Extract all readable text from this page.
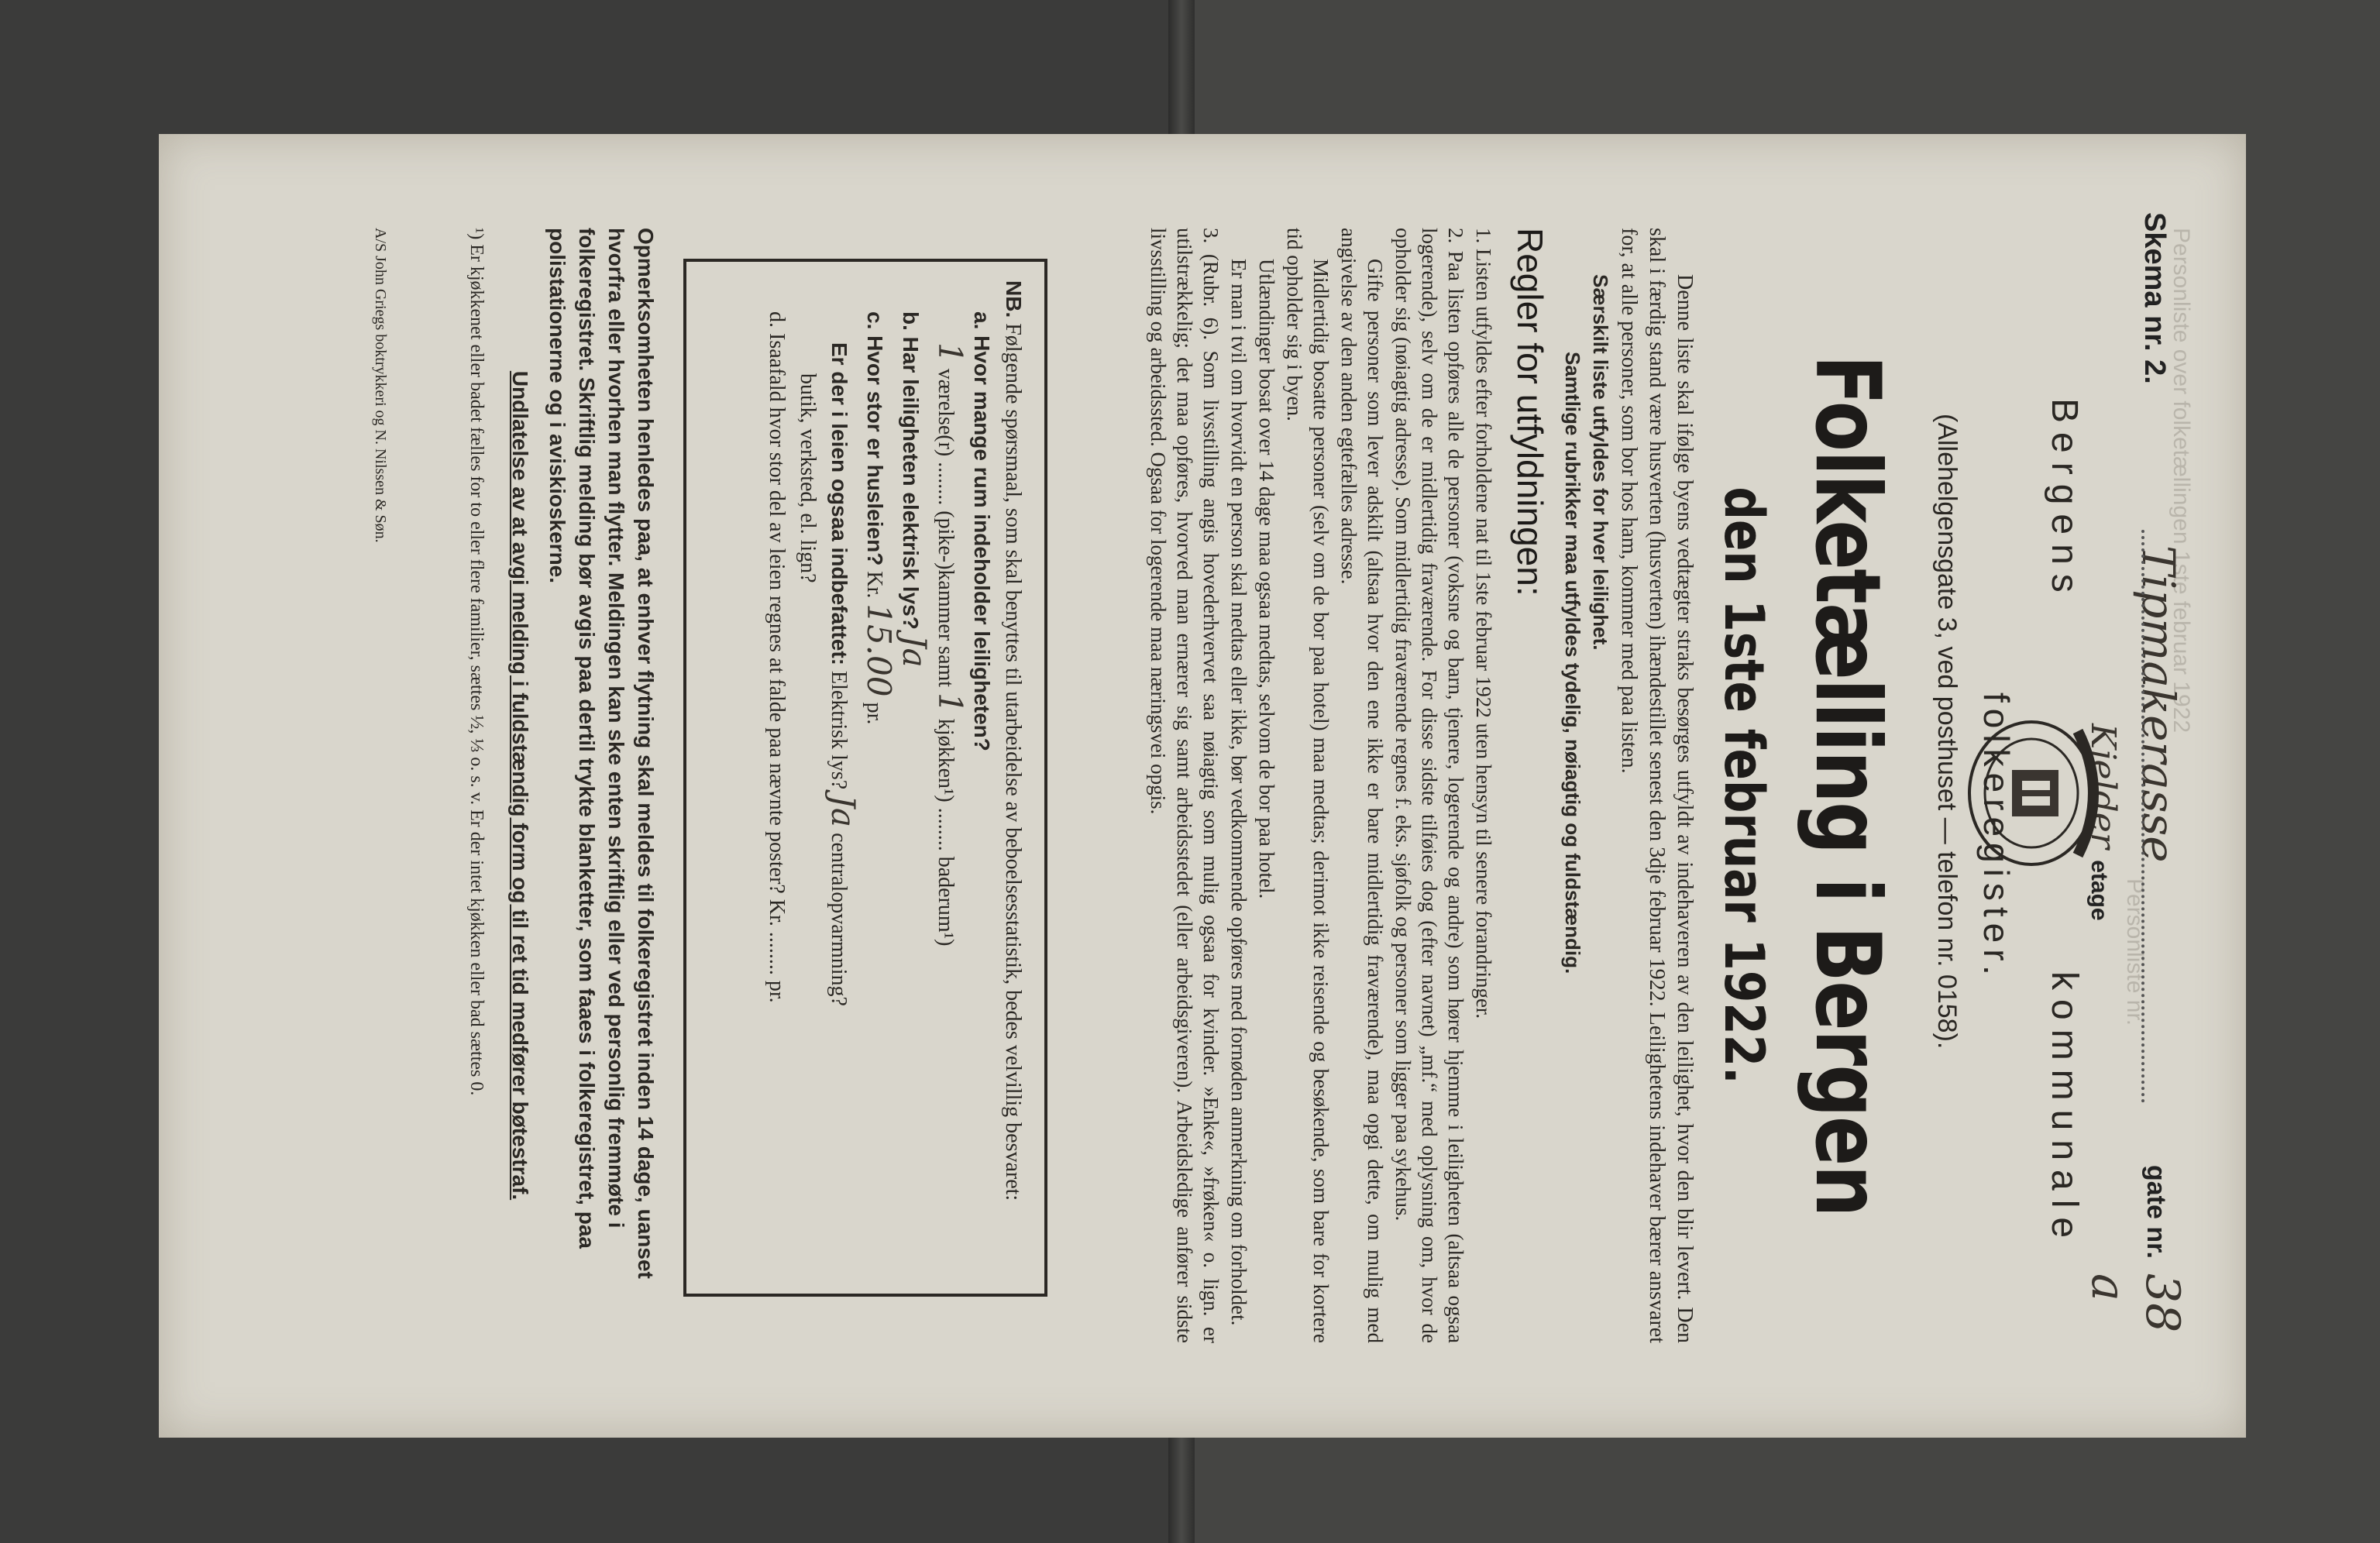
Personliste over folketællingen 1ste februar 1922
Personliste nr.
Skema nr. 2.
Tipmakerasse
gate nr.
38 a
Kjelder etage
Bergens
kommunale
folkeregister.
(Allehelgensgate 3, ved posthuset — telefon nr. 0158).
Folketælling i Bergen
den 1ste februar 1922.

Denne liste skal ifølge byens vedtægter straks besørges utfyldt av indehaveren av den leilighet, hvor den blir levert. Den skal i færdig stand være husverten (husverten) ihændestillet senest den 3dje februar 1922. Leilighetens indehaver bærer ansvaret for, at alle personer, som bor hos ham, kommer med paa listen.

Særskilt liste utfyldes for hver leilighet.

Samtlige rubrikker maa utfyldes tydelig, nøiagtig og fuldstændig.

Regler for utfyldningen:

1. Listen utfyldes efter forholdene nat til 1ste februar 1922 uten hensyn til senere forandringer.

2. Paa listen opføres alle de personer (voksne og barn, tjenere, logerende og andre) som hører hjemme i leiligheten (altsaa ogsaa logerende), selv om de er midlertidig fraværende. For disse sidste tilføies dog (efter navnet) „mf.“ med oplysning om, hvor de opholder sig (nøiagtig adresse). Som midlertidig fraværende regnes f. eks. sjøfolk og personer som ligger paa sykehus.

Gifte personer som lever adskilt (altsaa hvor den ene ikke er bare midlertidig fraværende), maa opgi dette, om mulig med angivelse av den anden egtefælles adresse.

Midlertidig bosatte personer (selv om de bor paa hotel) maa medtas; derimot ikke reisende og besøkende, som bare for kortere tid opholder sig i byen.

Utlændinger bosat over 14 dage maa ogsaa medtas, selvom de bor paa hotel.

Er man i tvil om hvorvidt en person skal medtas eller ikke, bør vedkommende opføres med fornøden anmerkning om forholdet.

3. (Rubr. 6). Som livsstilling angis hovederhvervet saa nøiagtig som mulig ogsaa for kvinder. »Enke«, »frøken« o. lign. er utilstrækkelig; det maa opføres, hvorved man ernærer sig samt arbeidsstedet (eller arbeidsgiveren). Arbeidsledige anfører sidste livsstilling og arbeidssted. Ogsaa for logerende maa næringsvei opgis.

NB. Følgende spørsmaal, som skal benyttes til utarbeidelse av beboelsesstatistik, bedes velvillig besvaret:
a. Hvor mange rum indeholder leiligheten?
1 værelse(r) ........ (pike-)kammer samt 1 kjøkken¹) ........ baderum¹)
b. Har leiligheten elektrisk lys? Ja
c. Hvor stor er husleien? Kr. 15.00 pr.
Er der i leien ogsaa indbefattet: Elektrisk lys? Ja centralopvarmning?
butik, verksted, el. lign?
d. Isaafald hvor stor del av leien regnes at falde paa nævnte poster? Kr. ........ pr.

Opmerksomheten henledes paa, at enhver flytning skal meldes til folkeregistret inden 14 dage, uanset hvorfra eller hvorhen man flytter. Meldingen kan ske enten skriftlig eller ved personlig fremmøte i folkeregistret. Skriftlig melding bør avgis paa dertil trykte blanketter, som faaes i folkeregistret, paa polistationerne og i aviskioskerne.

Undlatelse av at avgi melding i fuldstændig form og til ret tid medfører bøtestraf.

¹) Er kjøkkenet eller badet fælles for to eller flere familier, sættes ½, ⅓ o. s. v. Er der intet kjøkken eller bad sættes 0.
A/S John Griegs boktrykkeri og N. Nilssen & Søn.
